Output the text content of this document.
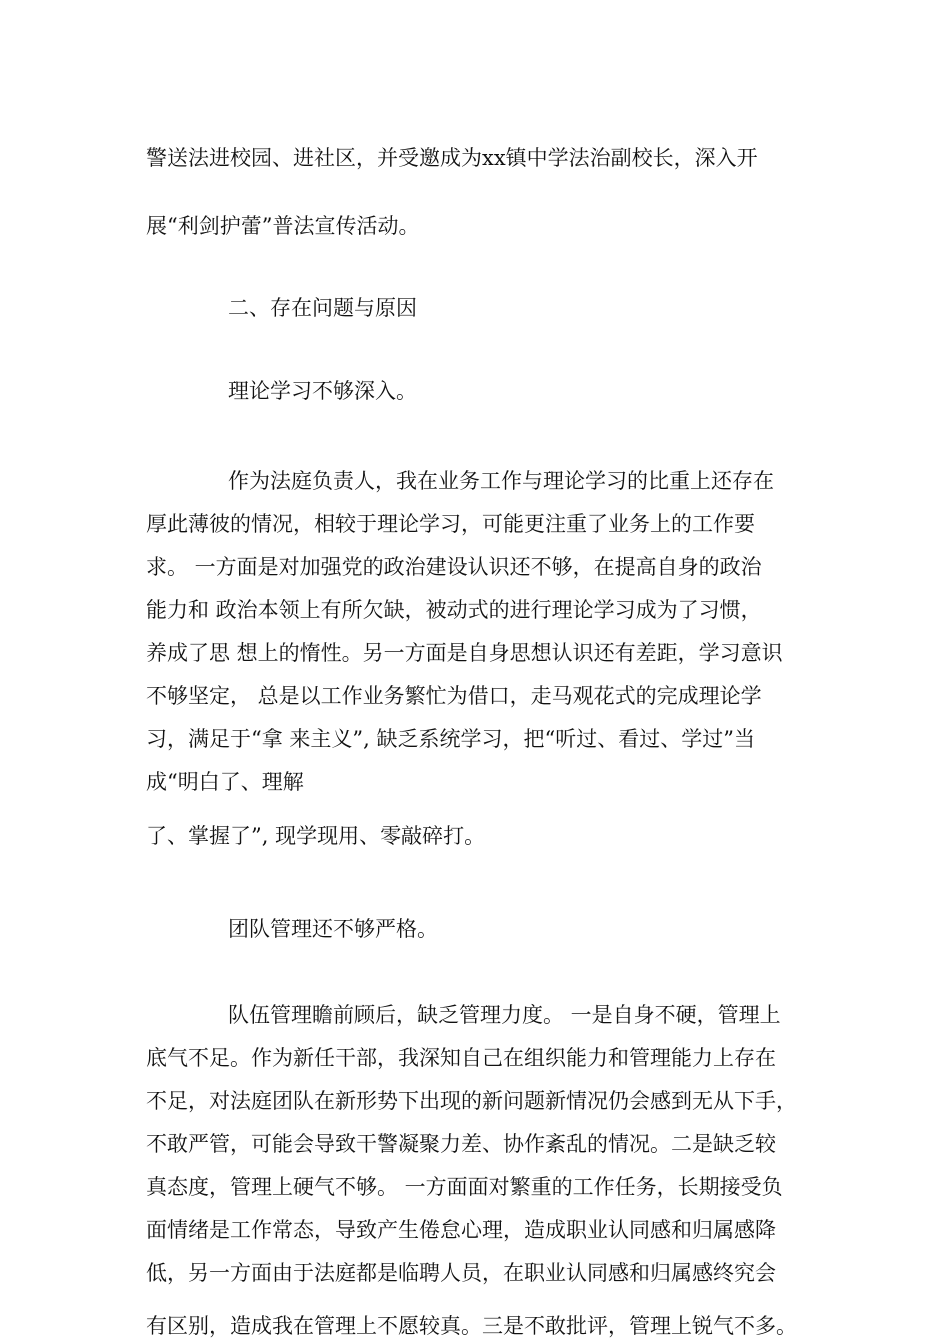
警送法进校园、进社区，并受邀成为xx镇中学法治副校长，深入开

展“利剑护蕾”普法宣传活动。

二、存在问题与原因

理论学习不够深入。

作为法庭负责人，我在业务工作与理论学习的比重上还存在

厚此薄彼的情况，相较于理论学习，可能更注重了业务上的工作要

求。 一方面是对加强党的政治建设认识还不够，在提高自身的政治

能力和 政治本领上有所欠缺，被动式的进行理论学习成为了习惯，

养成了思 想上的惰性。另一方面是自身思想认识还有差距，学习意识

不够坚定， 总是以工作业务繁忙为借口，走马观花式的完成理论学

习，满足于“拿 来主义”, 缺乏系统学习，把“听过、看过、学过”当

成“明白了、理解

了、掌握了”, 现学现用、零敲碎打。

团队管理还不够严格。

队伍管理瞻前顾后，缺乏管理力度。 一是自身不硬，管理上

底气不足。作为新任干部，我深知自己在组织能力和管理能力上存在

不足，对法庭团队在新形势下出现的新问题新情况仍会感到无从下手，

不敢严管，可能会导致干警凝聚力差、协作紊乱的情况。二是缺乏较

真态度，管理上硬气不够。 一方面面对繁重的工作任务，长期接受负

面情绪是工作常态，导致产生倦怠心理，造成职业认同感和归属感降

低，另一方面由于法庭都是临聘人员，在职业认同感和归属感终究会

有区别，造成我在管理上不愿较真。三是不敢批评，管理上锐气不多。
